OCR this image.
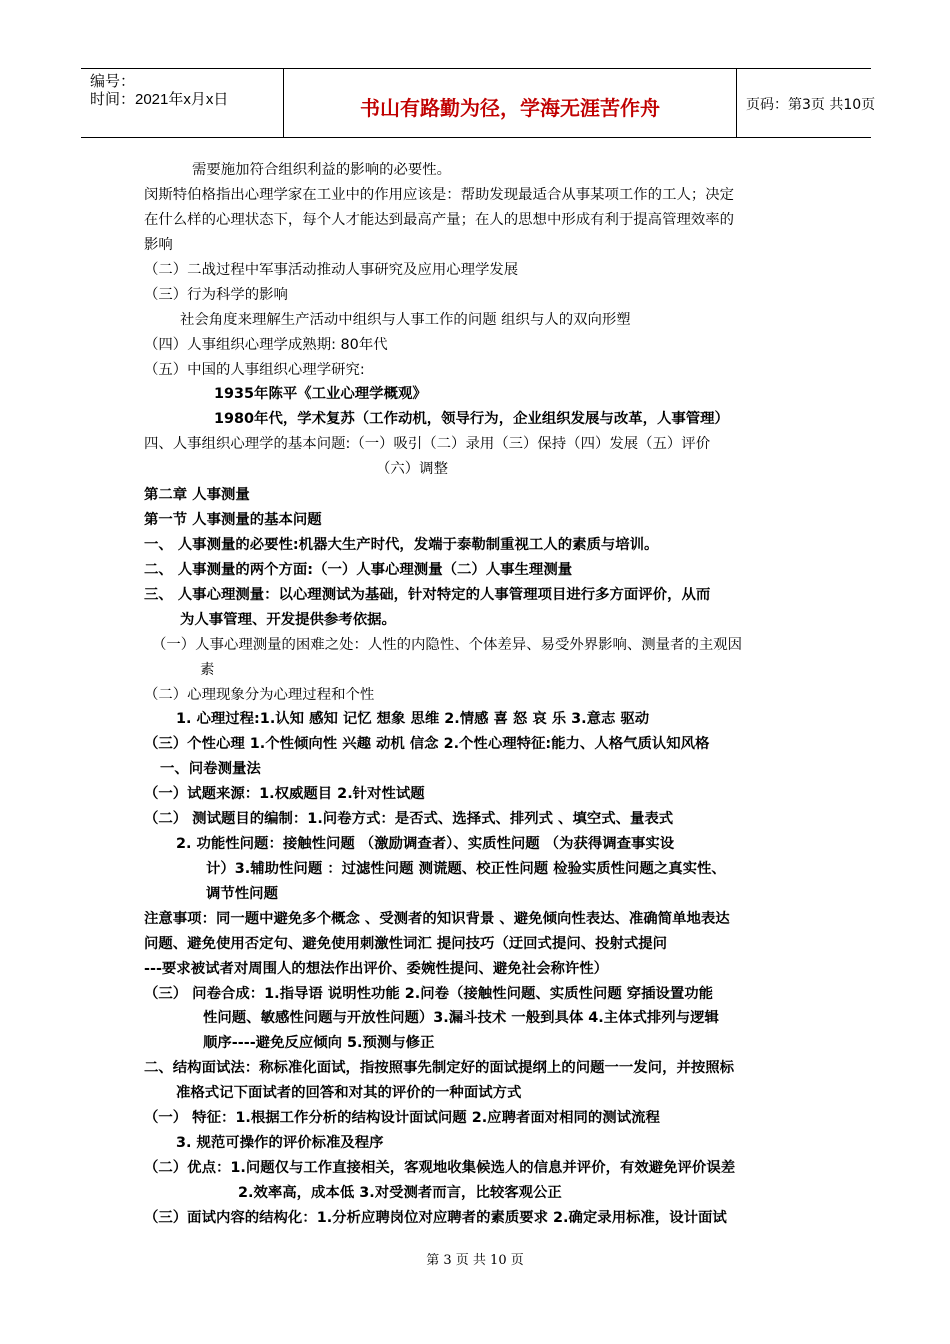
编号：
时间：2021年x月x日	书山有路勤为径，学海无涯苦作舟	页码：第3页 共10页
需要施加符合组织利益的影响的必要性。
闵斯特伯格指出心理学家在工业中的作用应该是：帮助发现最适合从事某项工作的工人；决定
在什么样的心理状态下，每个人才能达到最高产量；在人的思想中形成有利于提高管理效率的
影响
（二）二战过程中军事活动推动人事研究及应用心理学发展
（三）行为科学的影响
社会角度来理解生产活动中组织与人事工作的问题 组织与人的双向形塑
（四）人事组织心理学成熟期: 80年代
（五）中国的人事组织心理学研究:
1935年陈平《工业心理学概观》
1980年代，学术复苏（工作动机，领导行为，企业组织发展与改革，人事管理）
四、人事组织心理学的基本问题:（一）吸引（二）录用（三）保持（四）发展（五）评价
（六）调整
第二章 人事测量
第一节 人事测量的基本问题
一、 人事测量的必要性:机器大生产时代，发端于泰勒制重视工人的素质与培训。
二、 人事测量的两个方面:（一）人事心理测量（二）人事生理测量
三、 人事心理测量：以心理测试为基础，针对特定的人事管理项目进行多方面评价，从而
为人事管理、开发提供参考依据。
（一）人事心理测量的困难之处：人性的内隐性、个体差异、易受外界影响、测量者的主观因
素
（二）心理现象分为心理过程和个性
1. 心理过程:1.认知 感知 记忆 想象 思维 2.情感 喜 怒 哀 乐 3.意志 驱动
（三）个性心理 1.个性倾向性 兴趣 动机 信念 2.个性心理特征:能力、人格气质认知风格
一、问卷测量法
（一）试题来源：1.权威题目 2.针对性试题
（二） 测试题目的编制：1.问卷方式：是否式、选择式、排列式 、填空式、量表式
2. 功能性问题：接触性问题 （激励调查者）、实质性问题 （为获得调查事实设
计）3.辅助性问题 ：过滤性问题 测谎题、校正性问题 检验实质性问题之真实性、
调节性问题
注意事项：同一题中避免多个概念 、受测者的知识背景 、避免倾向性表达、准确简单地表达
问题、避免使用否定句、避免使用刺激性词汇 提问技巧（迂回式提问、投射式提问
---要求被试者对周围人的想法作出评价、委婉性提问、避免社会称许性）
（三） 问卷合成：1.指导语 说明性功能 2.问卷（接触性问题、实质性问题 穿插设置功能
性问题、敏感性问题与开放性问题）3.漏斗技术 一般到具体 4.主体式排列与逻辑
顺序----避免反应倾向 5.预测与修正
二、结构面试法：称标准化面试，指按照事先制定好的面试提纲上的问题一一发问，并按照标
准格式记下面试者的回答和对其的评价的一种面试方式
（一） 特征：1.根据工作分析的结构设计面试问题 2.应聘者面对相同的测试流程
3. 规范可操作的评价标准及程序
（二）优点：1.问题仅与工作直接相关，客观地收集候选人的信息并评价，有效避免评价误差
2.效率高，成本低 3.对受测者而言，比较客观公正
（三）面试内容的结构化：1.分析应聘岗位对应聘者的素质要求 2.确定录用标准，设计面试
第 3 页 共 10 页
